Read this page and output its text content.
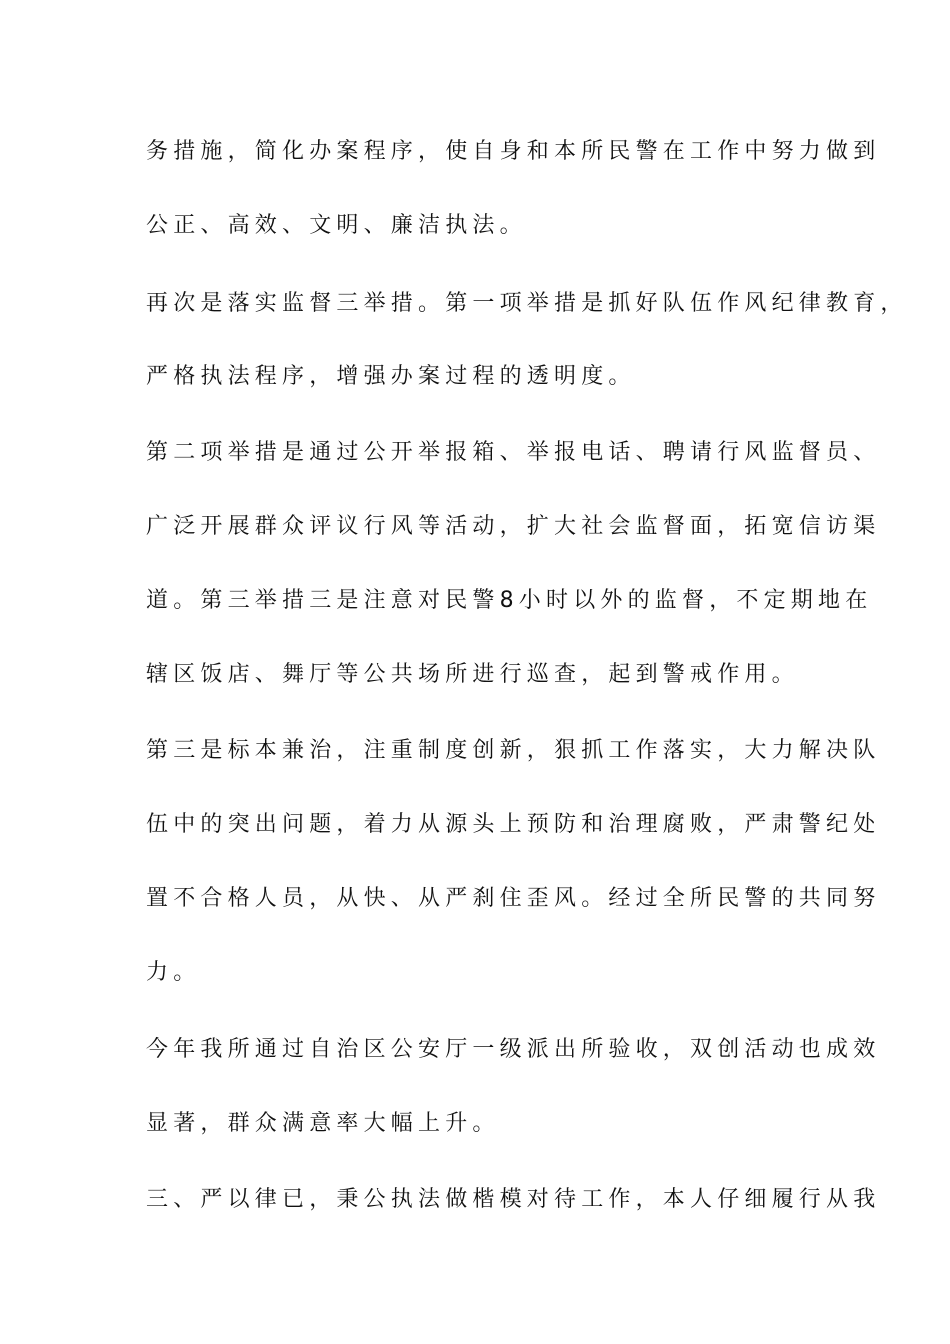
务措施，简化办案程序，使自身和本所民警在工作中努力做到

公正、高效、文明、廉洁执法。

再次是落实监督三举措。第一项举措是抓好队伍作风纪律教育，

严格执法程序，增强办案过程的透明度。

第二项举措是通过公开举报箱、举报电话、聘请行风监督员、

广泛开展群众评议行风等活动，扩大社会监督面，拓宽信访渠

道。第三举措三是注意对民警8小时以外的监督，不定期地在

辖区饭店、舞厅等公共场所进行巡查，起到警戒作用。

第三是标本兼治，注重制度创新，狠抓工作落实，大力解决队

伍中的突出问题，着力从源头上预防和治理腐败，严肃警纪处

置不合格人员，从快、从严刹住歪风。经过全所民警的共同努

力。

今年我所通过自治区公安厅一级派出所验收，双创活动也成效

显著，群众满意率大幅上升。

三、严以律已，秉公执法做楷模对待工作，本人仔细履行从我
